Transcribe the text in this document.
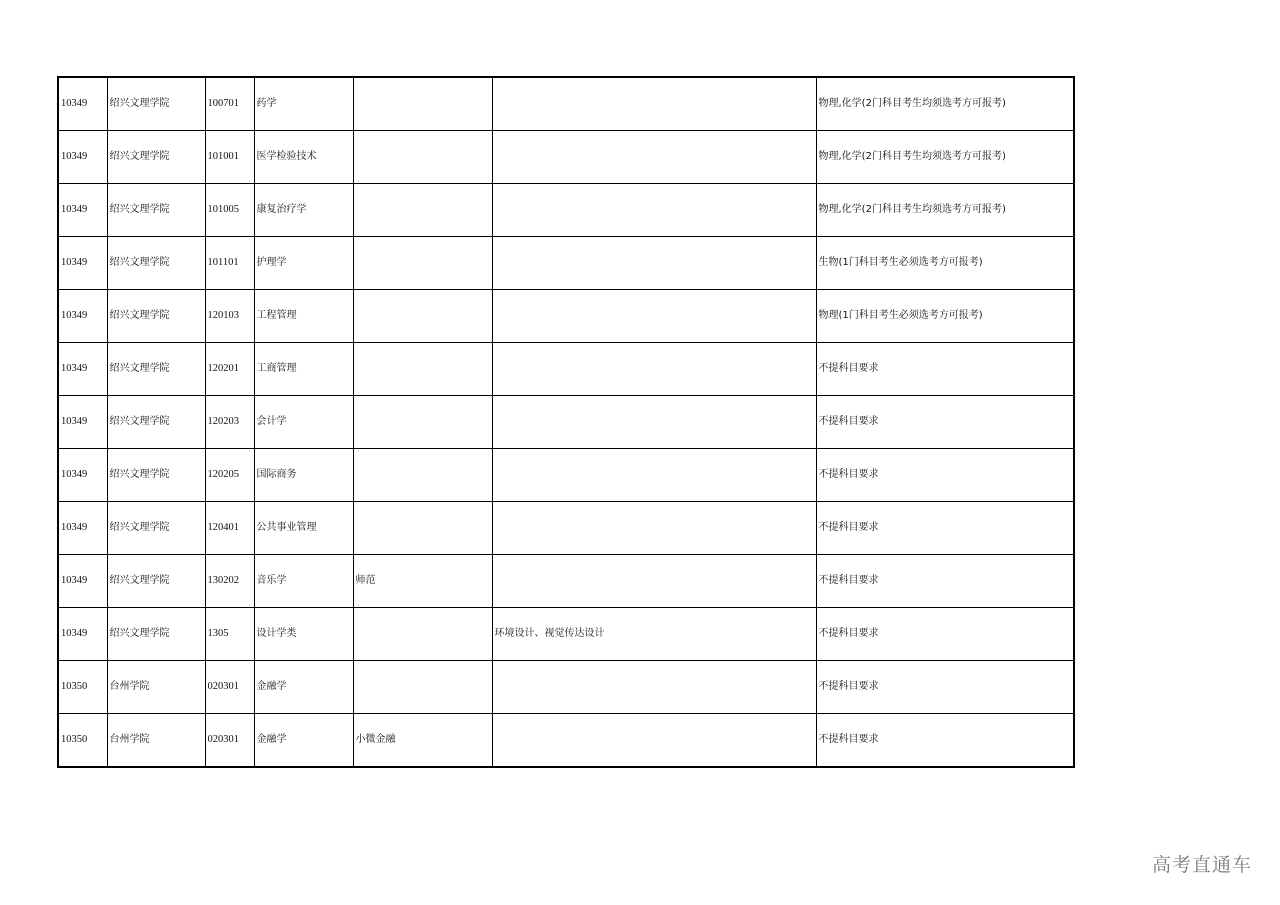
10349	绍兴文理学院	100701	药学			物理,化学(2门科目考生均须选考方可报考)
10349	绍兴文理学院	101001	医学检验技术			物理,化学(2门科目考生均须选考方可报考)
10349	绍兴文理学院	101005	康复治疗学			物理,化学(2门科目考生均须选考方可报考)
10349	绍兴文理学院	101101	护理学			生物(1门科目考生必须选考方可报考)
10349	绍兴文理学院	120103	工程管理			物理(1门科目考生必须选考方可报考)
10349	绍兴文理学院	120201	工商管理			不提科目要求
10349	绍兴文理学院	120203	会计学			不提科目要求
10349	绍兴文理学院	120205	国际商务			不提科目要求
10349	绍兴文理学院	120401	公共事业管理			不提科目要求
10349	绍兴文理学院	130202	音乐学	师范		不提科目要求
10349	绍兴文理学院	1305	设计学类		环境设计、视觉传达设计	不提科目要求
10350	台州学院	020301	金融学			不提科目要求
10350	台州学院	020301	金融学	小微金融		不提科目要求
高考直通车
